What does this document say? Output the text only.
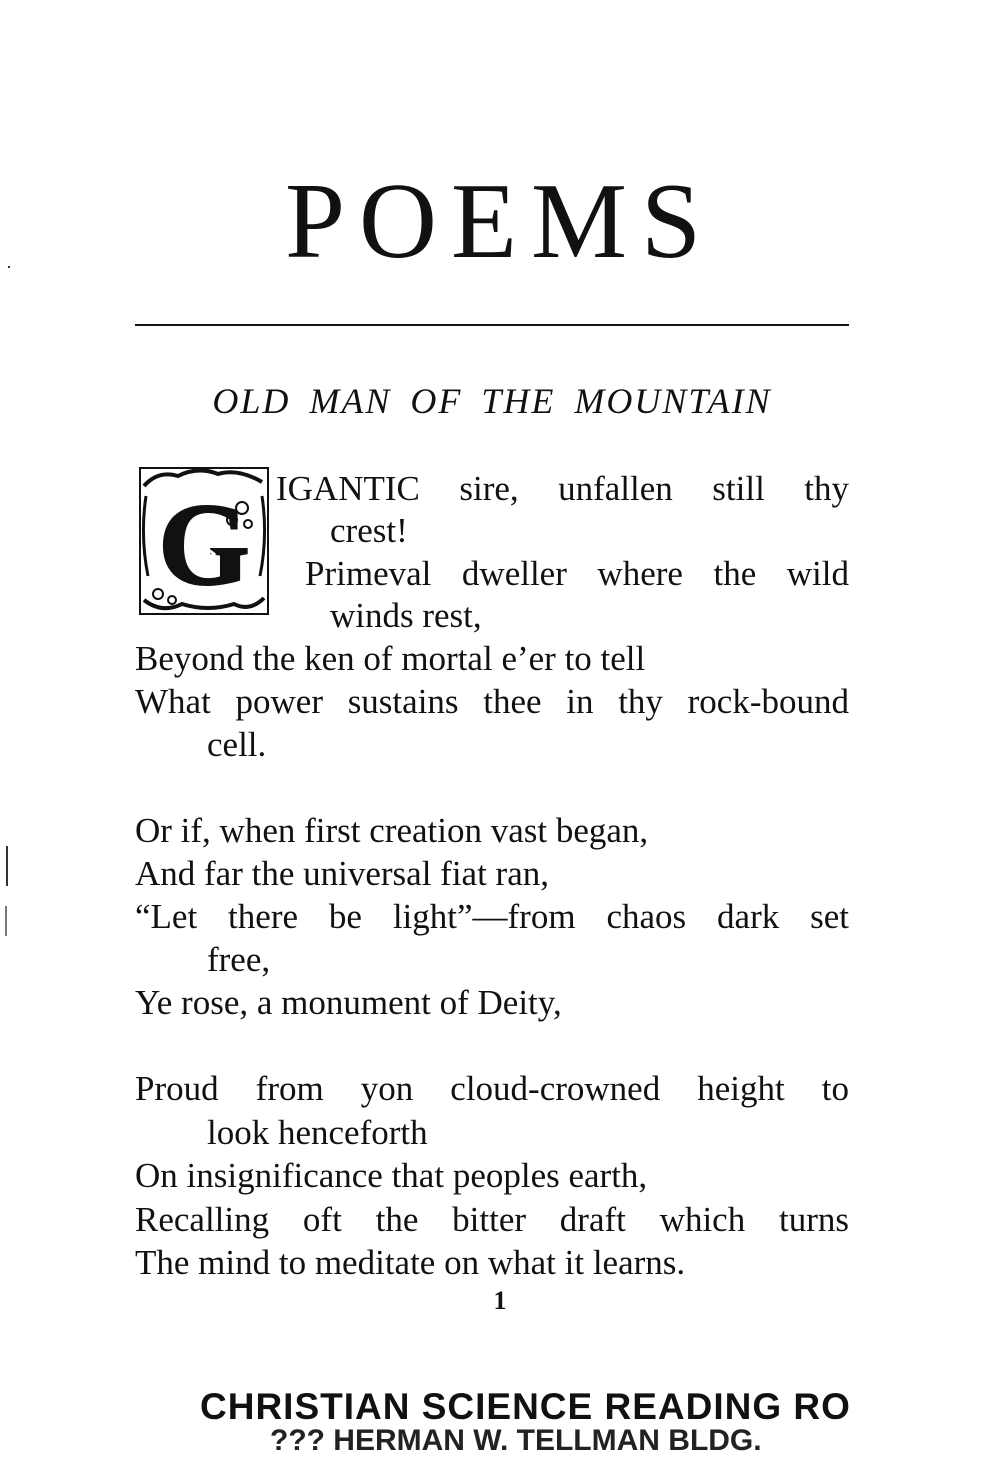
POEMS
OLD MAN OF THE MOUNTAIN
G IGANTIC sire, unfallen still thy
crest!
Primeval dweller where the wild
winds rest,
Beyond the ken of mortal e’er to tell
What power sustains thee in thy rock-bound
cell.
Or if, when first creation vast began,
And far the universal fiat ran,
“Let there be light”—from chaos dark set
free,
Ye rose, a monument of Deity,
Proud from yon cloud-crowned height to
look henceforth
On insignificance that peoples earth,
Recalling oft the bitter draft which turns
The mind to meditate on what it learns.
1
CHRISTIAN SCIENCE READING RO
??? HERMAN W. TELLMAN BLDG.
